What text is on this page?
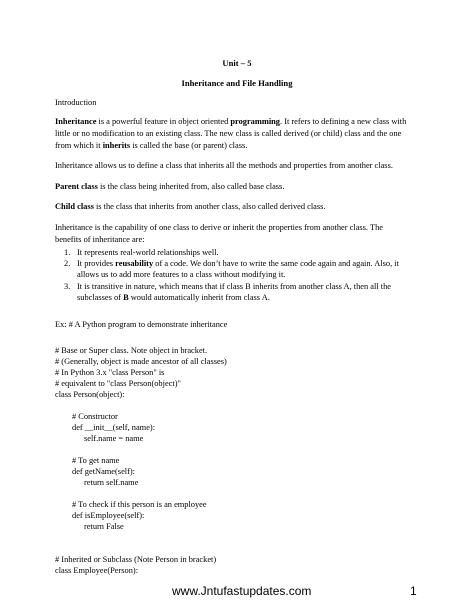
Unit – 5
Inheritance and File Handling
Introduction
Inheritance is a powerful feature in object oriented programming. It refers to defining a new class with
little or no modification to an existing class. The new class is called derived (or child) class and the one
from which it inherits is called the base (or parent) class.
Inheritance allows us to define a class that inherits all the methods and properties from another class.
Parent class is the class being inherited from, also called base class.
Child class is the class that inherits from another class, also called derived class.
Inheritance is the capability of one class to derive or inherit the properties from another class. The
benefits of inheritance are:
1. It represents real-world relationships well.
2. It provides reusability of a code. We don’t have to write the same code again and again. Also, it
allows us to add more features to a class without modifying it.
3. It is transitive in nature, which means that if class B inherits from another class A, then all the
subclasses of B would automatically inherit from class A.
Ex: # A Python program to demonstrate inheritance
# Base or Super class. Note object in bracket.
# (Generally, object is made ancestor of all classes)
# In Python 3.x "class Person" is
# equivalent to "class Person(object)"
class Person(object):
# Constructor
def __init__(self, name):
self.name = name
# To get name
def getName(self):
return self.name
# To check if this person is an employee
def isEmployee(self):
return False
# Inherited or Subclass (Note Person in bracket)
class Employee(Person):
www.Jntufastupdates.com	1
